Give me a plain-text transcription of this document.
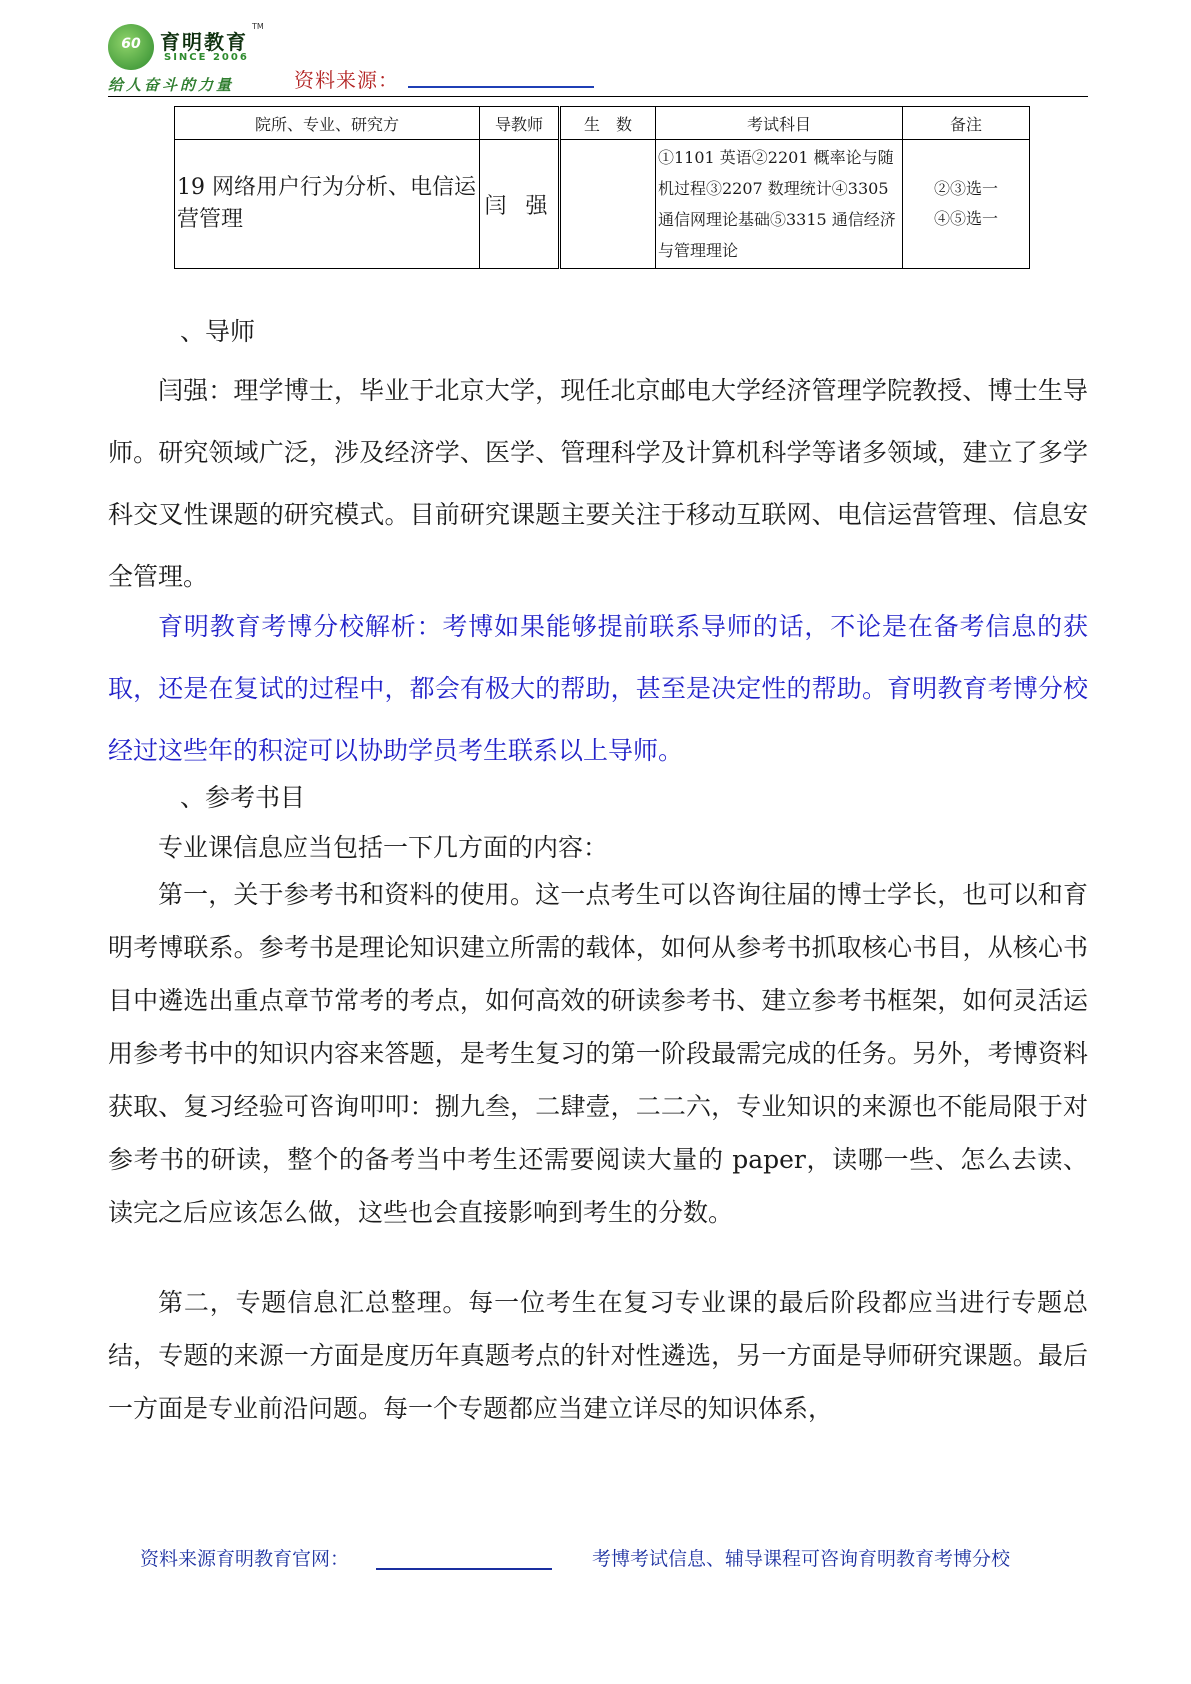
60 育明教育
TM
SINCE 2006
给人奋斗的力量	资料来源：
院所、专业、研究方	导教师	生　数	考试科目	备注
19 网络用户行为分析、电信运营管理	闫 强		①1101 英语②2201 概率论与随机过程③2207 数理统计④3305 通信网理论基础⑤3315 通信经济与管理理论	②③选一
④⑤选一

、导师

闫强：理学博士，毕业于北京大学，现任北京邮电大学经济管理学院教授、博士生导师。研究领域广泛，涉及经济学、医学、管理科学及计算机科学等诸多领域，建立了多学科交叉性课题的研究模式。目前研究课题主要关注于移动互联网、电信运营管理、信息安全管理。

育明教育考博分校解析：考博如果能够提前联系导师的话，不论是在备考信息的获取，还是在复试的过程中，都会有极大的帮助，甚至是决定性的帮助。育明教育考博分校经过这些年的积淀可以协助学员考生联系以上导师。

、参考书目

专业课信息应当包括一下几方面的内容：

第一，关于参考书和资料的使用。这一点考生可以咨询往届的博士学长，也可以和育明考博联系。参考书是理论知识建立所需的载体，如何从参考书抓取核心书目，从核心书目中遴选出重点章节常考的考点，如何高效的研读参考书、建立参考书框架，如何灵活运用参考书中的知识内容来答题，是考生复习的第一阶段最需完成的任务。另外，考博资料获取、复习经验可咨询叩叩：捌九叁，二肆壹，二二六，专业知识的来源也不能局限于对参考书的研读，整个的备考当中考生还需要阅读大量的 paper，读哪一些、怎么去读、读完之后应该怎么做，这些也会直接影响到考生的分数。

第二，专题信息汇总整理。每一位考生在复习专业课的最后阶段都应当进行专题总结，专题的来源一方面是度历年真题考点的针对性遴选，另一方面是导师研究课题。最后一方面是专业前沿问题。每一个专题都应当建立详尽的知识体系，

资料来源育明教育官网：	考博考试信息、辅导课程可咨询育明教育考博分校
